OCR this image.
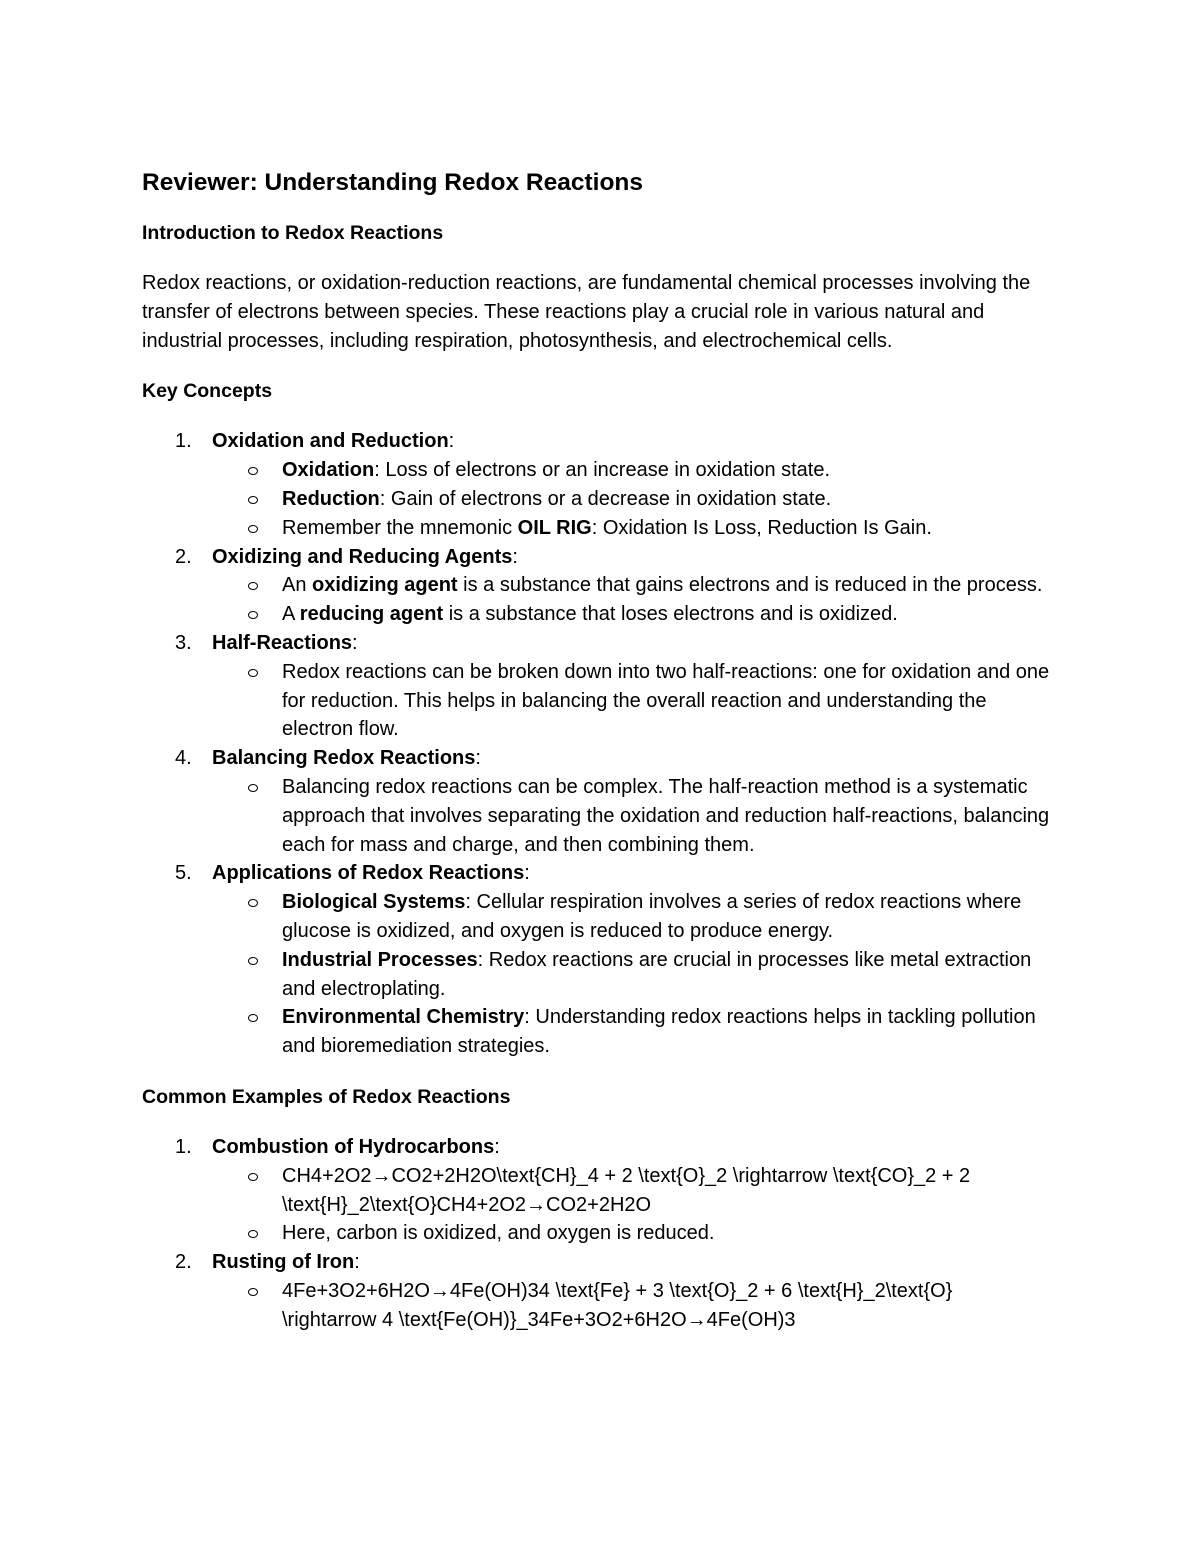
Reviewer: Understanding Redox Reactions
Introduction to Redox Reactions

Redox reactions, or oxidation-reduction reactions, are fundamental chemical processes involving the transfer of electrons between species. These reactions play a crucial role in various natural and industrial processes, including respiration, photosynthesis, and electrochemical cells.

Key Concepts
1. Oxidation and Reduction:
Oxidation: Loss of electrons or an increase in oxidation state.
Reduction: Gain of electrons or a decrease in oxidation state.
Remember the mnemonic OIL RIG: Oxidation Is Loss, Reduction Is Gain.
2. Oxidizing and Reducing Agents:
An oxidizing agent is a substance that gains electrons and is reduced in the process.
A reducing agent is a substance that loses electrons and is oxidized.
3. Half-Reactions:
Redox reactions can be broken down into two half-reactions: one for oxidation and one for reduction. This helps in balancing the overall reaction and understanding the electron flow.
4. Balancing Redox Reactions:
Balancing redox reactions can be complex. The half-reaction method is a systematic approach that involves separating the oxidation and reduction half-reactions, balancing each for mass and charge, and then combining them.
5. Applications of Redox Reactions:
Biological Systems: Cellular respiration involves a series of redox reactions where glucose is oxidized, and oxygen is reduced to produce energy.
Industrial Processes: Redox reactions are crucial in processes like metal extraction and electroplating.
Environmental Chemistry: Understanding redox reactions helps in tackling pollution and bioremediation strategies.
Common Examples of Redox Reactions
1. Combustion of Hydrocarbons:
CH4+2O2→CO2+2H2O\text{CH}_4 + 2 \text{O}_2 \rightarrow \text{CO}_2 + 2 \text{H}_2\text{O}CH4+2O2→CO2+2H2O
Here, carbon is oxidized, and oxygen is reduced.
2. Rusting of Iron:
4Fe+3O2+6H2O→4Fe(OH)34 \text{Fe} + 3 \text{O}_2 + 6 \text{H}_2\text{O} \rightarrow 4 \text{Fe(OH)}_34Fe+3O2+6H2O→4Fe(OH)3
